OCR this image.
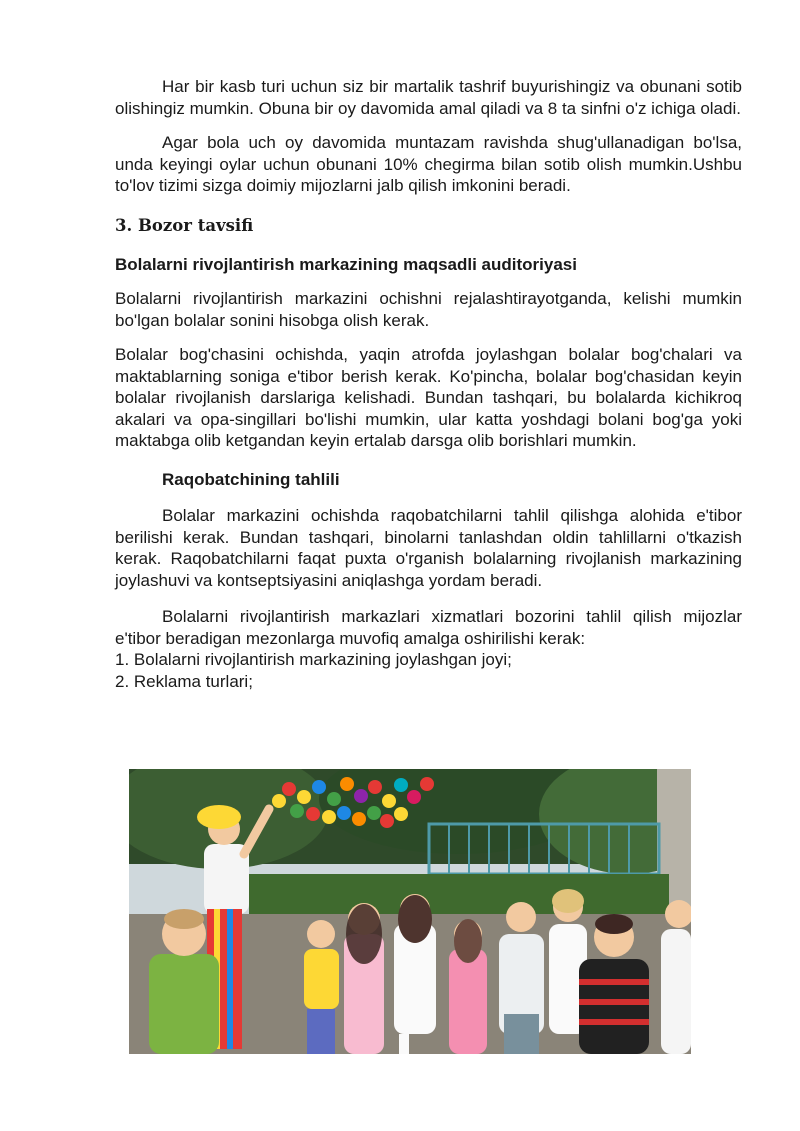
Har bir kasb turi uchun siz bir martalik tashrif buyurishingiz va obunani sotib olishingiz mumkin. Obuna bir oy davomida amal qiladi va 8 ta sinfni o'z ichiga oladi.

Agar bola uch oy davomida muntazam ravishda shug'ullanadigan bo'lsa, unda keyingi oylar uchun obunani 10% chegirma bilan sotib olish mumkin.Ushbu to'lov tizimi sizga doimiy mijozlarni jalb qilish imkonini beradi.

3. Bozor tavsifi

Bolalarni rivojlantirish markazining maqsadli auditoriyasi

Bolalarni rivojlantirish markazini ochishni rejalashtirayotganda, kelishi mumkin bo'lgan bolalar sonini hisobga olish kerak.

Bolalar bog'chasini ochishda, yaqin atrofda joylashgan bolalar bog'chalari va maktablarning soniga e'tibor berish kerak. Ko'pincha, bolalar bog'chasidan keyin bolalar rivojlanish darslariga kelishadi. Bundan tashqari, bu bolalarda kichikroq akalari va opa-singillari bo'lishi mumkin, ular katta yoshdagi bolani bog'ga yoki maktabga olib ketgandan keyin ertalab darsga olib borishlari mumkin.

Raqobatchining tahlili

Bolalar markazini ochishda raqobatchilarni tahlil qilishga alohida e'tibor berilishi kerak. Bundan tashqari, binolarni tanlashdan oldin tahlillarni o'tkazish kerak. Raqobatchilarni faqat puxta o'rganish bolalarning rivojlanish markazining joylashuvi va kontseptsiyasini aniqlashga yordam beradi.

Bolalarni rivojlantirish markazlari xizmatlari bozorini tahlil qilish mijozlar e'tibor beradigan mezonlarga muvofiq amalga oshirilishi kerak:

1. Bolalarni rivojlantirish markazining joylashgan joyi;
2. Reklama turlari;
